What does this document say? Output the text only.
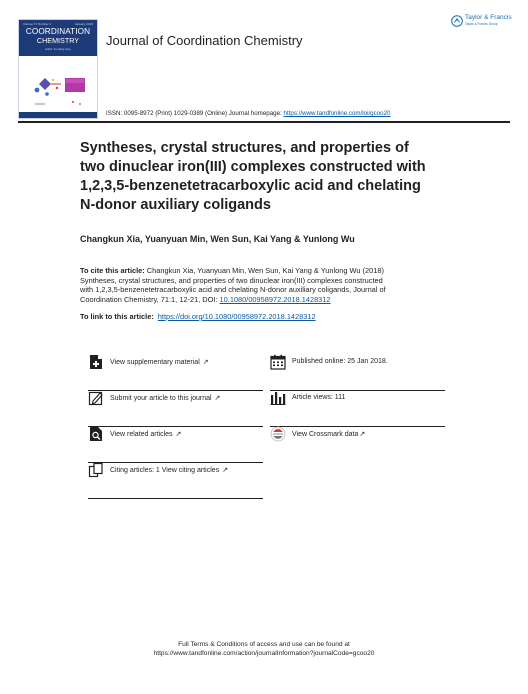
Taylor & Francis
Taylor & Francis Group
Volume 71 Number 1	January 2018
COORDINATION
CHEMISTRY
Editor: Ke-Hang Lang
Journal of Coordination Chemistry
ISSN: 0095-8972 (Print) 1029-0389 (Online) Journal homepage: https://www.tandfonline.com/loi/gcoo20
Syntheses, crystal structures, and properties of
two dinuclear iron(III) complexes constructed with
1,2,3,5-benzenetetracarboxylic acid and chelating
N-donor auxiliary coligands
Changkun Xia, Yuanyuan Min, Wen Sun, Kai Yang & Yunlong Wu
To cite this article: Changkun Xia, Yuanyuan Min, Wen Sun, Kai Yang & Yunlong Wu (2018)
Syntheses, crystal structures, and properties of two dinuclear iron(III) complexes constructed
with 1,2,3,5-benzenetetracarboxylic acid and chelating N-donor auxiliary coligands, Journal of
Coordination Chemistry, 71:1, 12-21, DOI: 10.1080/00958972.2018.1428312
To link to this article: https://doi.org/10.1080/00958972.2018.1428312
View supplementary material ↗
Submit your article to this journal ↗
View related articles ↗
Citing articles: 1 View citing articles ↗
Published online: 25 Jan 2018.
Article views: 111
View Crossmark data↗
Full Terms & Conditions of access and use can be found at
https://www.tandfonline.com/action/journalInformation?journalCode=gcoo20
